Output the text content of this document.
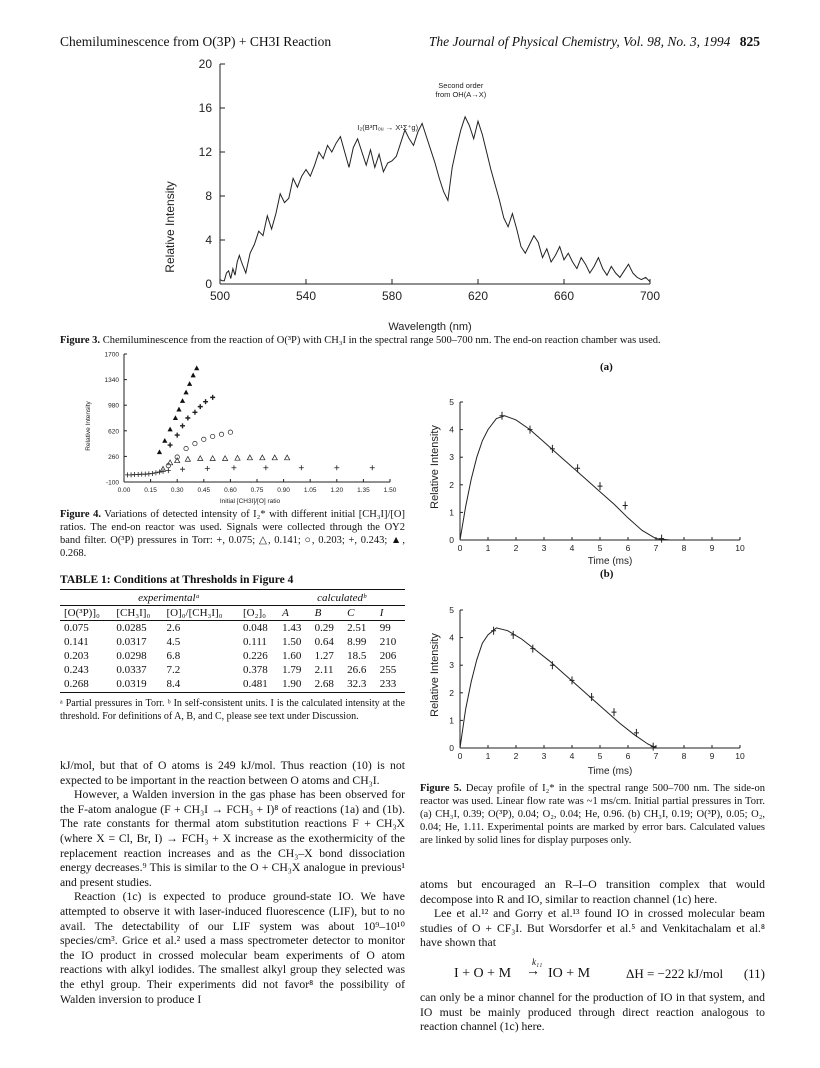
Chemiluminescence from O(3P) + CH3I Reaction	The Journal of Physical Chemistry, Vol. 98, No. 3, 1994 825
500	540	580	620	660	700
0
4
8
12
16
20
Relative Intensity
Wavelength (nm)
I₂(B³Π₀ᵤ → X¹Σ⁺g)
Second order
from OH(A→X)
Figure 3. Chemiluminescence from the reaction of O(³P) with CH₃I in the spectral range 500–700 nm. The end-on reaction chamber was used.
0.00 0.15 0.30 0.45 0.60 0.75 0.90 1.05 1.20 1.35 1.50
-100
260
620
980
1340
1700
Relative Intensity
Initial [CH3I]/[O] ratio
Figure 4. Variations of detected intensity of I₂* with different initial [CH₃I]/[O] ratios. The end-on reactor was used. Signals were collected through the OY2 band filter. O(³P) pressures in Torr: +, 0.075; △, 0.141; ○, 0.203; +, 0.243; ▲, 0.268.
TABLE 1: Conditions at Thresholds in Figure 4
experimentalᵃ				calculatedᵇ			
[O(³P)]₀	[CH₃I]₀	[O]₀/[CH₃I]₀	[O₂]₀	A	B	C	I
0.075	0.0285	2.6	0.048	1.43	0.29	2.51	99
0.141	0.0317	4.5	0.111	1.50	0.64	8.99	210
0.203	0.0298	6.8	0.226	1.60	1.27	18.5	206
0.243	0.0337	7.2	0.378	1.79	2.11	26.6	255
0.268	0.0319	8.4	0.481	1.90	2.68	32.3	233
ᵃ Partial pressures in Torr. ᵇ In self-consistent units. I is the calculated intensity at the threshold. For definitions of A, B, and C, please see text under Discussion.

kJ/mol, but that of O atoms is 249 kJ/mol. Thus reaction (10) is not expected to be important in the reaction between O atoms and CH₃I.

However, a Walden inversion in the gas phase has been observed for the F-atom analogue (F + CH₃I → FCH₃ + I)⁸ of reactions (1a) and (1b). The rate constants for thermal atom substitution reactions F + CH₃X (where X = Cl, Br, I) → FCH₃ + X increase as the exothermicity of the replacement reaction increases and as the CH₃–X bond dissociation energy decreases.⁹ This is similar to the O + CH₃X analogue in previous¹ and present studies.

Reaction (1c) is expected to produce ground-state IO. We have attempted to observe it with laser-induced fluorescence (LIF), but to no avail. The detectability of our LIF system was about 10⁹–10¹⁰ species/cm³. Grice et al.² used a mass spectrometer detector to monitor the IO product in crossed molecular beam experiments of O atom reactions with alkyl iodides. The smallest alkyl group they selected was the ethyl group. Their experiments did not favor⁸ the possibility of Walden inversion to produce I

(a)
(b)
0	1	2	3	4	5	6	7	8	9 10
0
1
2
3
4
5
Relative Intensity
Time (ms)
0	1	2	3	4	5	6	7	8	9 10
0
1
2
3
4
5
Relative Intensity
Time (ms)
Figure 5. Decay profile of I₂* in the spectral range 500–700 nm. The side-on reactor was used. Linear flow rate was ~1 ms/cm. Initial partial pressures in Torr. (a) CH₃I, 0.39; O(³P), 0.04; O₂, 0.04; He, 0.96. (b) CH₃I, 0.19; O(³P), 0.05; O₂, 0.04; He, 1.11. Experimental points are marked by error bars. Calculated values are linked by solid lines for display purposes only.

atoms but encouraged an R–I–O transition complex that would decompose into R and IO, similar to reaction channel (1c) here.

Lee et al.¹² and Gorry et al.¹³ found IO in crossed molecular beam studies of O + CF₃I. But Worsdorfer et al.⁵ and Venkitachalam et al.⁸ have shown that

I + O + M
k₁₁
→ IO + M	ΔH = −222 kJ/mol (11)

can only be a minor channel for the production of IO in that system, and IO must be mainly produced through direct reaction analogous to reaction channel (1c) here.
